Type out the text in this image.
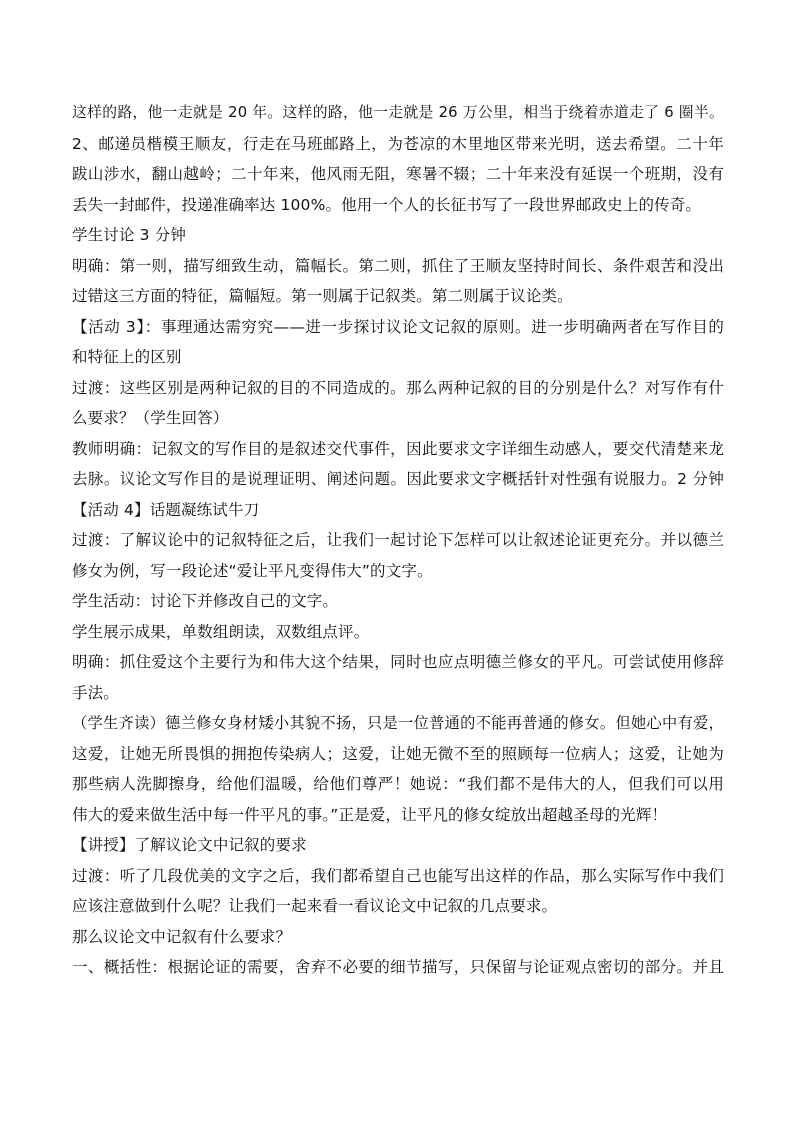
这样的路，他一走就是 20 年。这样的路，他一走就是 26 万公里，相当于绕着赤道走了 6 圈半。
2、邮递员楷模王顺友，行走在马班邮路上，为苍凉的木里地区带来光明，送去希望。二十年
跋山涉水，翻山越岭；二十年来，他风雨无阻，寒暑不辍；二十年来没有延误一个班期，没有
丢失一封邮件，投递准确率达 100%。他用一个人的长征书写了一段世界邮政史上的传奇。
学生讨论 3 分钟
明确：第一则，描写细致生动，篇幅长。第二则，抓住了王顺友坚持时间长、条件艰苦和没出
过错这三方面的特征，篇幅短。第一则属于记叙类。第二则属于议论类。
【活动 3】：事理通达需穷究——进一步探讨议论文记叙的原则。进一步明确两者在写作目的
和特征上的区别
过渡：这些区别是两种记叙的目的不同造成的。那么两种记叙的目的分别是什么？对写作有什
么要求？（学生回答）
教师明确：记叙文的写作目的是叙述交代事件，因此要求文字详细生动感人，要交代清楚来龙
去脉。议论文写作目的是说理证明、阐述问题。因此要求文字概括针对性强有说服力。2 分钟
【活动 4】话题凝练试牛刀
过渡：了解议论中的记叙特征之后，让我们一起讨论下怎样可以让叙述论证更充分。并以德兰
修女为例，写一段论述“爱让平凡变得伟大”的文字。
学生活动：讨论下并修改自己的文字。
学生展示成果，单数组朗读，双数组点评。
明确：抓住爱这个主要行为和伟大这个结果，同时也应点明德兰修女的平凡。可尝试使用修辞
手法。
（学生齐读）德兰修女身材矮小其貌不扬，只是一位普通的不能再普通的修女。但她心中有爱，
这爱，让她无所畏惧的拥抱传染病人；这爱，让她无微不至的照顾每一位病人；这爱，让她为
那些病人洗脚擦身，给他们温暖，给他们尊严！她说：“我们都不是伟大的人，但我们可以用
伟大的爱来做生活中每一件平凡的事。”正是爱，让平凡的修女绽放出超越圣母的光辉！
【讲授】了解议论文中记叙的要求
过渡：听了几段优美的文字之后，我们都希望自己也能写出这样的作品，那么实际写作中我们
应该注意做到什么呢？让我们一起来看一看议论文中记叙的几点要求。
那么议论文中记叙有什么要求？
一、概括性：根据论证的需要，舍弃不必要的细节描写，只保留与论证观点密切的部分。并且
